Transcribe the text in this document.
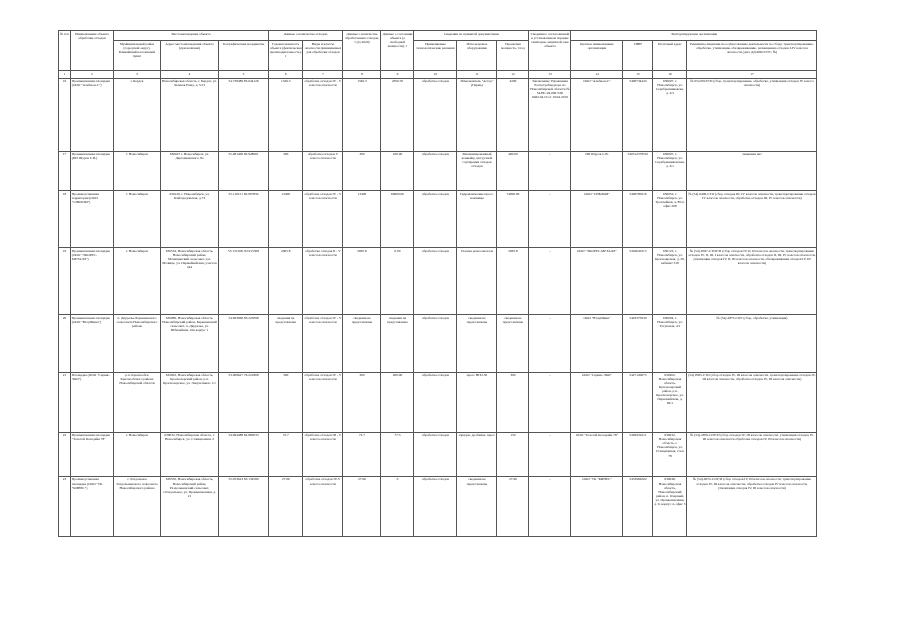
№ п/п	Наименование объекта обработки отходов	Местонахождение объекта			Данные о количестве отходов,		Данные о количестве обработанных отходов, т (за 2020)	Данные о состоянии объекта (о свободной мощности), т	Сведения по принятой документации			Сведения о согласованной в установленном порядке санитарно-защитной зоне объекта	Эксплуатирующая организация			
		Муниципальный район (городской округ), Ближайший населенный пункт	Адрес местонахождения объекта (при наличии)	Географические координаты	Годовая мощность объекта (фактическая производительность), т	Виды и классы опасности принимаемых для обработки отходов			Применяемые технологические решения	Используемое оборудование	Проектная мощность, т/год		Краткое наименование организации	ИНН	Почтовый адрес	Реквизиты лицензии на осуществление деятельности по сбору, транспортированию, обработке, утилизации, обезвреживанию, размещению отходов I-IV классов опасности (дата ДД.ММ.ГГГГ, №)
1	2	3	4	5	6	7	8	9	10	11	12	13	14	15	16	17
16	Промышленная площадка (ООО "Альбион-С")	г. Бердск	Новосибирская область, г. Бердск, ул. Зеленая Роща, д. 5/13	54.739389 83.044126	1349.3	обработка отходов IV - V классов опасности	1349.3	2650.70	обработка отходов	Измельчитель "Астор" (Пермь)	4200	Заключение Управления Роспотребнадзора по Новосибирской области № 54.НС.04.000.Т.00 0462.04.19 от 19.04.2019	ООО "Альбион-С"	5406734443	630007, г. Новосибирск, ул. Серебренниковска, д. 4/3	№ 054 00167/П (сбор, транспортирование, обработка, утилизация отходов IV класса опасности)
17	Промышленная площадка (ИП Шуров С.В.)	г. Новосибирск	630047 г. Новосибирск, ул. Даргомыжского, 8а	55.081400 82.928061	300	обработка отходов V класса опасности	300	100.00	обработка отходов	Механизированный конвейер для ручной сортировки отходов отходов	400.00	–	ИП Шуров С.В.	540312578510	630007, г. Новосибирск, ул. Серебренниковская, д. 4/1	лицензии нет
18	Производственная территория (ООО "СИБЛОМ")	г. Новосибирск	630129, г. Новосибирск, ул. Кайгородовская, д.73	55.116151 82.997834	13400	обработка отходов IV - V классов опасности	13400	60600.00	обработка отходов	Гидравлические пресс-ножницы	74000.00	–	ООО "СИБЛОМ"	5406785616	630052, г. Новосибирск, ул. Троллейная, д. 85/2, офис 208	№ (54)-0400-СТО (сбор отходов III, IV классов опасности, транспортирование отходов IV классов опасности, обработка отходов III, IV классов опасности)
19	Промышленная площадка (ООО "ЭКОРЕС-МЕТАЛЛ")	г. Новосибирск	630534, Новосибирская область, Новосибирский район, Мочищенский сельсовет, д.п. Мочище, ул. Пармейкейская, участок 244	55.131568, 82.915508	2065.8	обработка отходов II - V классов опасности	2065.8	0.00	обработка отходов	Газовая резка металла	2065.8	–	ООО "ЭКОРЕС-МЕТАЛЛ"	5402040113	630123, г. Новосибирск, ул. Красноярская, д. 29, кабинет 318	№ (54)-6597-СТОУ/П (сбор отходов IV, II, III классов опасности, транспортирование отходов IV, II, III, I классов опасности, обработка отходов II, III, IV классов опасности, утилизация отходов IV, II, III классов опасности, обезвреживание отходов IV, III классов опасности)
20	Промышленная площадка (ООО "ВторШина")	п. Двуречье Барышевского сельсовета Новосибирского района	630089, Новосибирская область, Новосибирский район, Барышевский сельсовет, п. Двуречье, ул. Юбилейная, 10к корпус 1	54.963966 83.223098	сведения не представлены	обработка отходов IV - V классов опасности	сведения не представлены	сведения не представлены	обработка отходов	сведения не представлены	сведения не представлены	–	ООО "ВторШина"	5403375930	630004, г. Новосибирск, ул. Тогунская, 4/1	№ (54)-2873-СОУ (сбор, обработка, утилизация)
21	Площадка (ООО "Сервис-ЭКО")	р.п. Краснообск Краснообского района Новосибирской области	632902, Новосибирская область, Краснозерский район, р.п. Краснозерское, ул. Энергетиков, 1/1	53.009627 79.221868	300	обработка отходов IV - V классов опасности	300	200.00	обработка отходов	пресс НГП-50	300	–	ООО "Сервис-ЭКО"	5427120675	632902, Новосибирская область, Краснозерский район, р.п. Краснозерское, ул. Первомайская, д. 69/1	(54) 0585-СТО (сбор отходов IV, III классов опасности, транспортирование отходов IV, III классов опасности, обработка отходов IV, III классов опасности)
22	Промышленная площадка "Золотой Колодайн 78"	г. Новосибирск	630032, Новосибирская область, г. Новосибирск, ул. Станционная, 2	54.994488 82.883033	72.7	обработка отходов III - V класса опасности	72.7	77.3	обработка отходов	зарядов, дробилка, пресс	150	–	ООО "Золотой Колодайн 78"	5406334211	630032, Новосибирская область, г. Новосибирск, ул. Станционная, 2 к/п 78	№ (54)-2876-СОУ/П (сбор отходов IV, III классов опасности, утилизация отходов IV, III классов опасности обработка отходов IV, III классов опасности)
23	Производственная площадка (ООО "ТК "КИНЕС")	с. Раздольное Раздольненского сельсовета Новосибирского района	630550, Новосибирская область, Новосибирский район, Раздольненский сельсовет, с.Раздольное, ул. Промышленная, д. 21	55.053623 83.134580	27.96	обработка отходов IV-V класса опасности	27.96	0	обработка отходов	сведения не представлены	27.96	–	ООО "ТК "КИНЕС"	5433966202	630048, Новосибирская область, Новосибирский район, п. Озерный, ул. Промышленная, д. 9, корпус 4, офис 5	№ (54)-9072-СОУ/П (сбор отходов IV, III классов опасности, транспортирование отходов IV, III классов опасности, обработка отходов IV классов опасности, утилизация отходов IV, III классов опасности)
